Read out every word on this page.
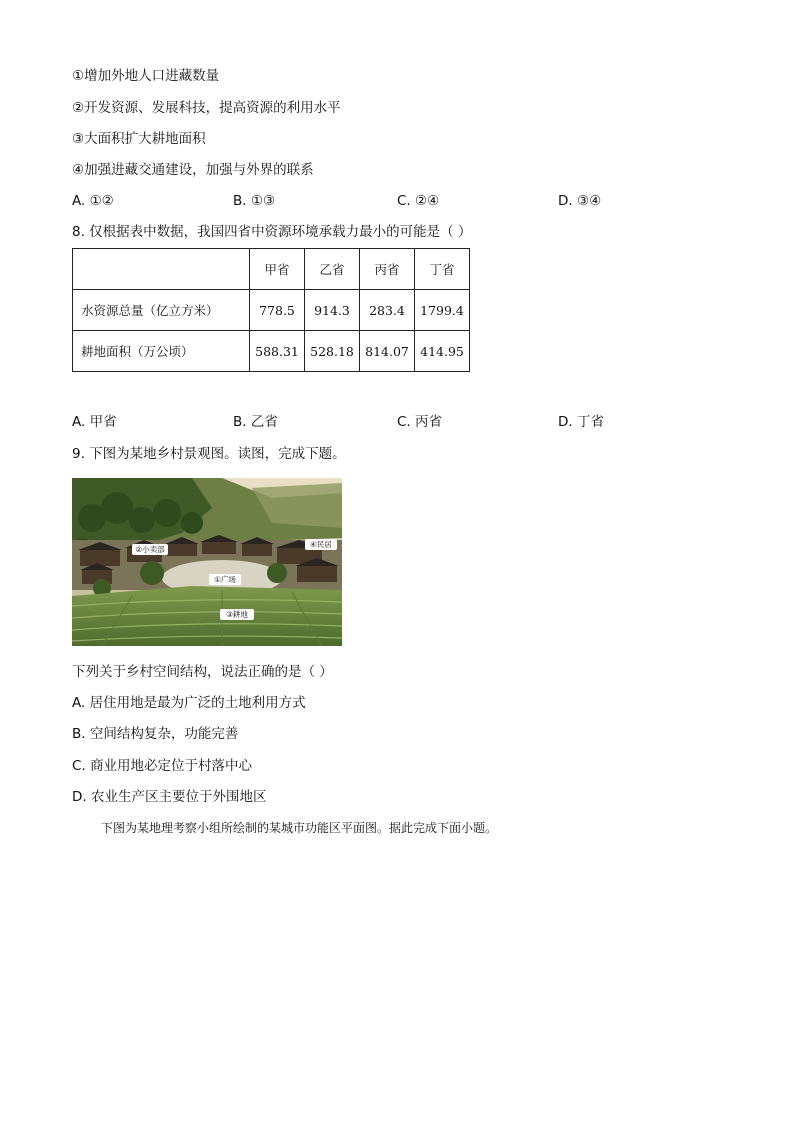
①增加外地人口进藏数量
②开发资源、发展科技，提高资源的利用水平
③大面积扩大耕地面积
④加强进藏交通建设，加强与外界的联系
A. ①②	B. ①③	C. ②④	D. ③④
8. 仅根据表中数据，我国四省中资源环境承载力最小的可能是（ ）
	甲省	乙省	丙省	丁省
水资源总量（亿立方米）	778.5	914.3	283.4	1799.4
耕地面积（万公顷）	588.31	528.18	814.07	414.95
A. 甲省	B. 乙省	C. 丙省	D. 丁省
9. 下图为某地乡村景观图。读图，完成下题。
②小卖部
④民居
①广场
③耕地
下列关于乡村空间结构，说法正确的是（ ）
A. 居住用地是最为广泛的土地利用方式
B. 空间结构复杂，功能完善
C. 商业用地必定位于村落中心
D. 农业生产区主要位于外围地区
下图为某地理考察小组所绘制的某城市功能区平面图。据此完成下面小题。
